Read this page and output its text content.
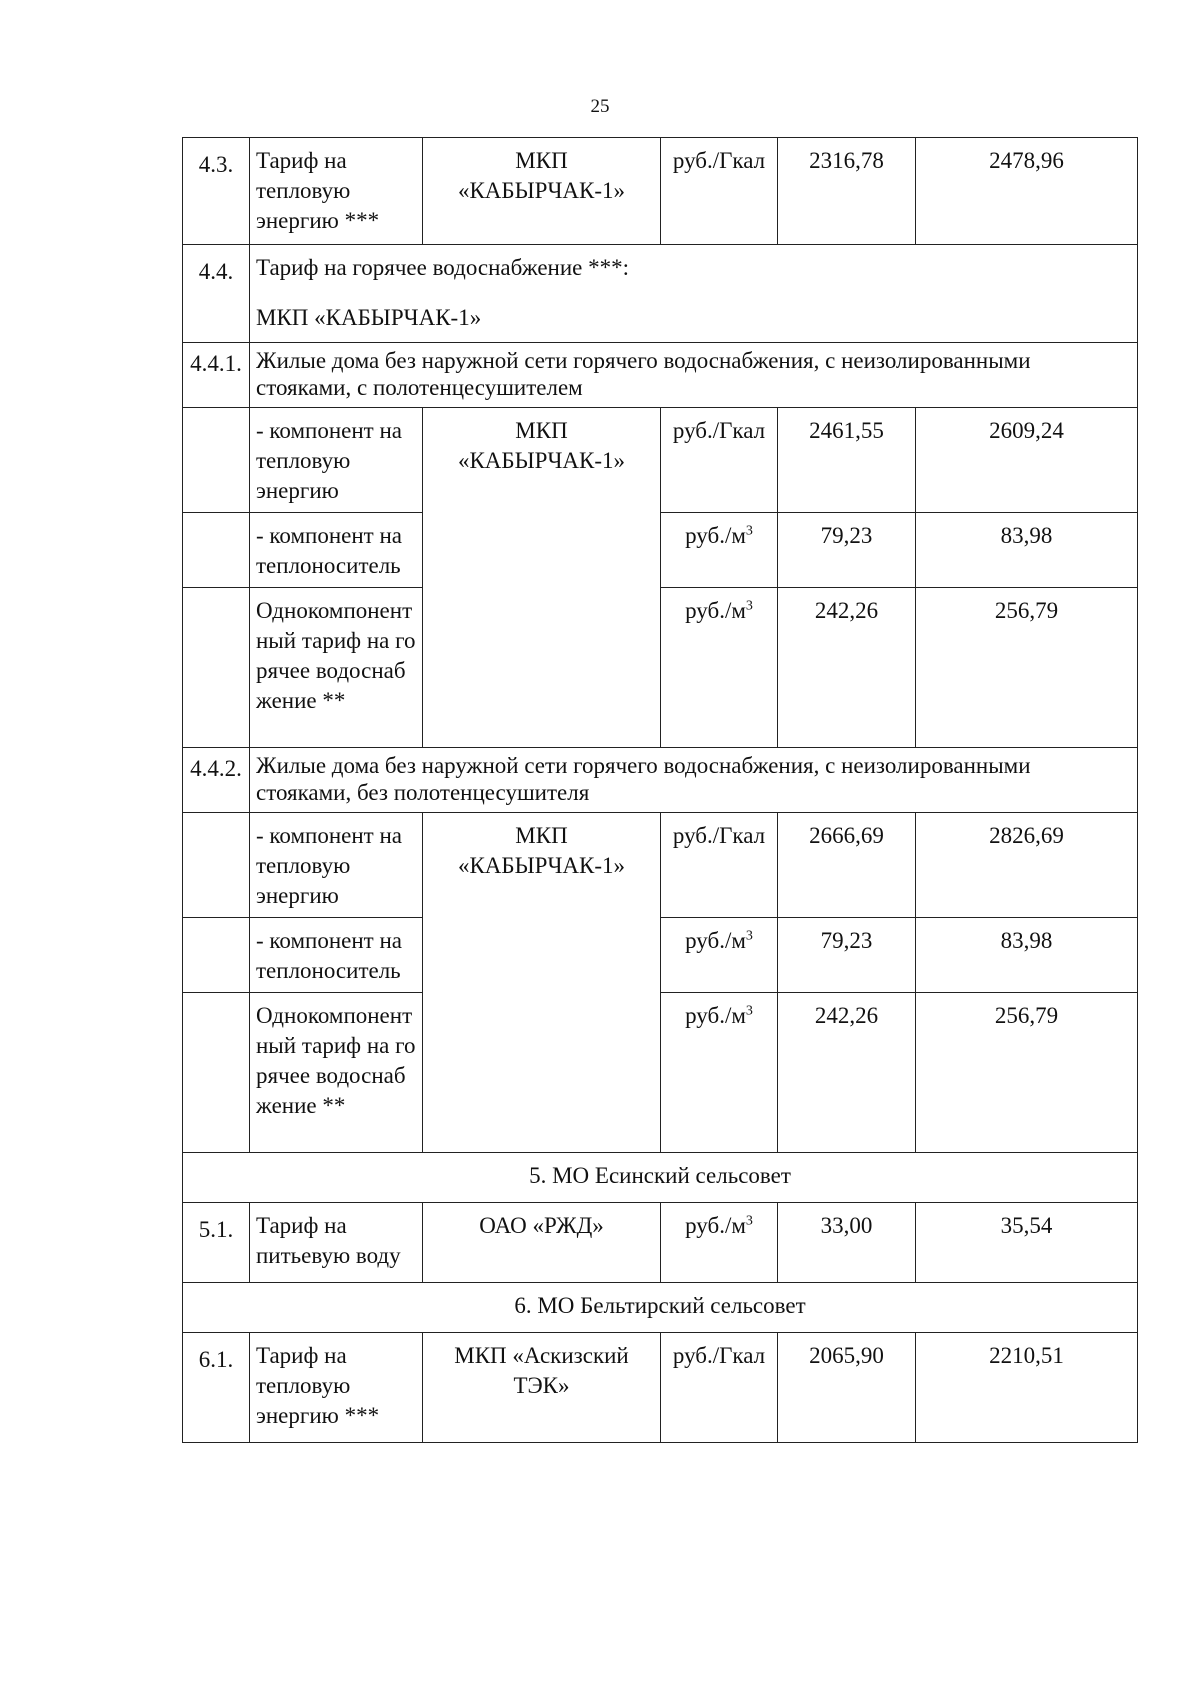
25
4.3.	Тариф на тепловую энергию ***	МКП «КАБЫРЧАК-1»	руб./Гкал	2316,78	2478,96
4.4.	Тариф на горячее водоснабжение ***:
МКП «КАБЫРЧАК-1»				
4.4.1.	Жилые дома без наружной сети горячего водоснабжения, с неизолированными стояками, с полотенцесушителем				
	- компонент на тепловую энергию	МКП «КАБЫРЧАК-1»	руб./Гкал	2461,55	2609,24
	- компонент на теплоноситель		$руб./м^3$	79,23	83,98
	Однокомпонентный тариф на горячее водоснабжение **		$руб./м^3$	242,26	256,79
4.4.2.	Жилые дома без наружной сети горячего водоснабжения, с неизолированными стояками, без полотенцесушителя				
	- компонент на тепловую энергию	МКП «КАБЫРЧАК-1»	руб./Гкал	2666,69	2826,69
	- компонент на теплоноситель		$руб./м^3$	79,23	83,98
	Однокомпонентный тариф на горячее водоснабжение **		$руб./м^3$	242,26	256,79
5. МО Есинский сельсовет					
5.1.	Тариф на питьевую воду	ОАО «РЖД»	$руб./м^3$	33,00	35,54
6. МО Бельтирский сельсовет					
6.1.	Тариф на тепловую энергию ***	МКП «Аскизский ТЭК»	руб./Гкал	2065,90	2210,51
